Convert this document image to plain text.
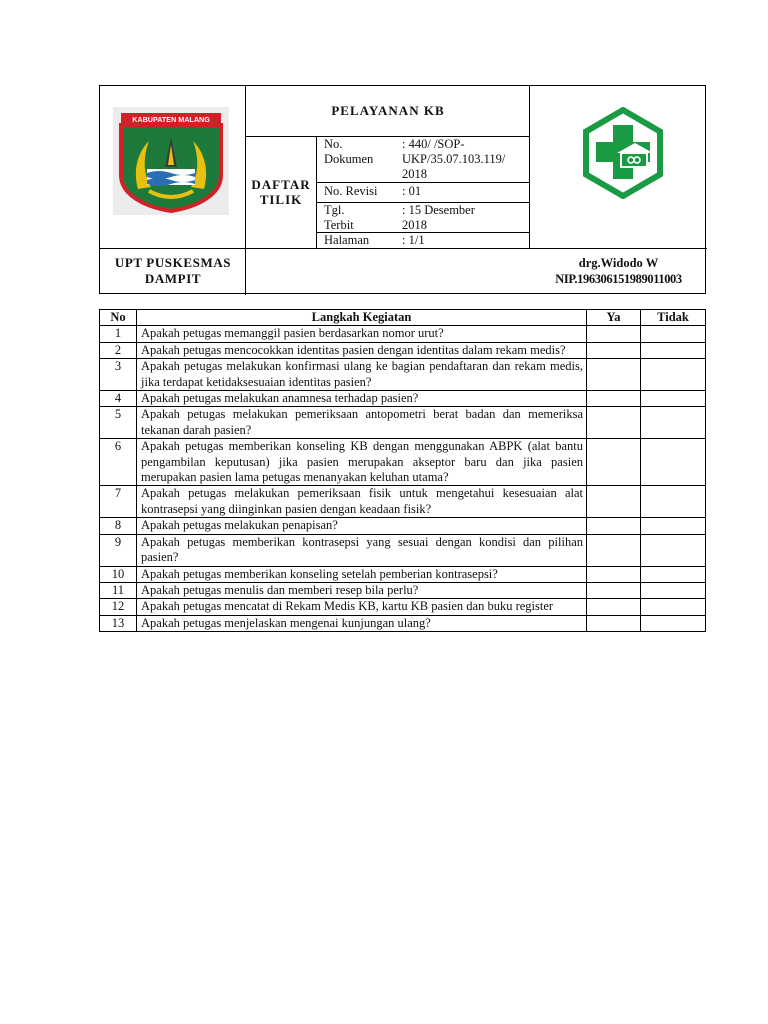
KABUPATEN MALANG
PELAYANAN KB
DAFTAR
TILIK
No.
Dokumen
: 440/ /SOP-
UKP/35.07.103.119/
2018
No. Revisi : 01
Tgl.
Terbit
: 15 Desember
2018
Halaman	: 1/1
UPT PUSKESMAS
DAMPIT
drg.Widodo W
NIP.196306151989011003
No	Langkah Kegiatan	Ya	Tidak
1	Apakah petugas memanggil pasien berdasarkan nomor urut?		
2	Apakah petugas mencocokkan identitas pasien dengan identitas dalam rekam medis?		
3	Apakah petugas melakukan konfirmasi ulang ke bagian pendaftaran dan rekam medis, jika terdapat ketidaksesuaian identitas pasien?		
4	Apakah petugas melakukan anamnesa terhadap pasien?		
5	Apakah petugas melakukan pemeriksaan antopometri berat badan dan memeriksa tekanan darah pasien?		
6	Apakah petugas memberikan konseling KB dengan menggunakan ABPK (alat bantu pengambilan keputusan) jika pasien merupakan akseptor baru dan jika pasien merupakan pasien lama petugas menanyakan keluhan utama?		
7	Apakah petugas melakukan pemeriksaan fisik untuk mengetahui kesesuaian alat kontrasepsi yang diinginkan pasien dengan keadaan fisik?		
8	Apakah petugas melakukan penapisan?		
9	Apakah petugas memberikan kontrasepsi yang sesuai dengan kondisi dan pilihan pasien?		
10	Apakah petugas memberikan konseling setelah pemberian kontrasepsi?		
11	Apakah petugas menulis dan memberi resep bila perlu?		
12	Apakah petugas mencatat di Rekam Medis KB, kartu KB pasien dan buku register		
13	Apakah petugas menjelaskan mengenai kunjungan ulang?		
